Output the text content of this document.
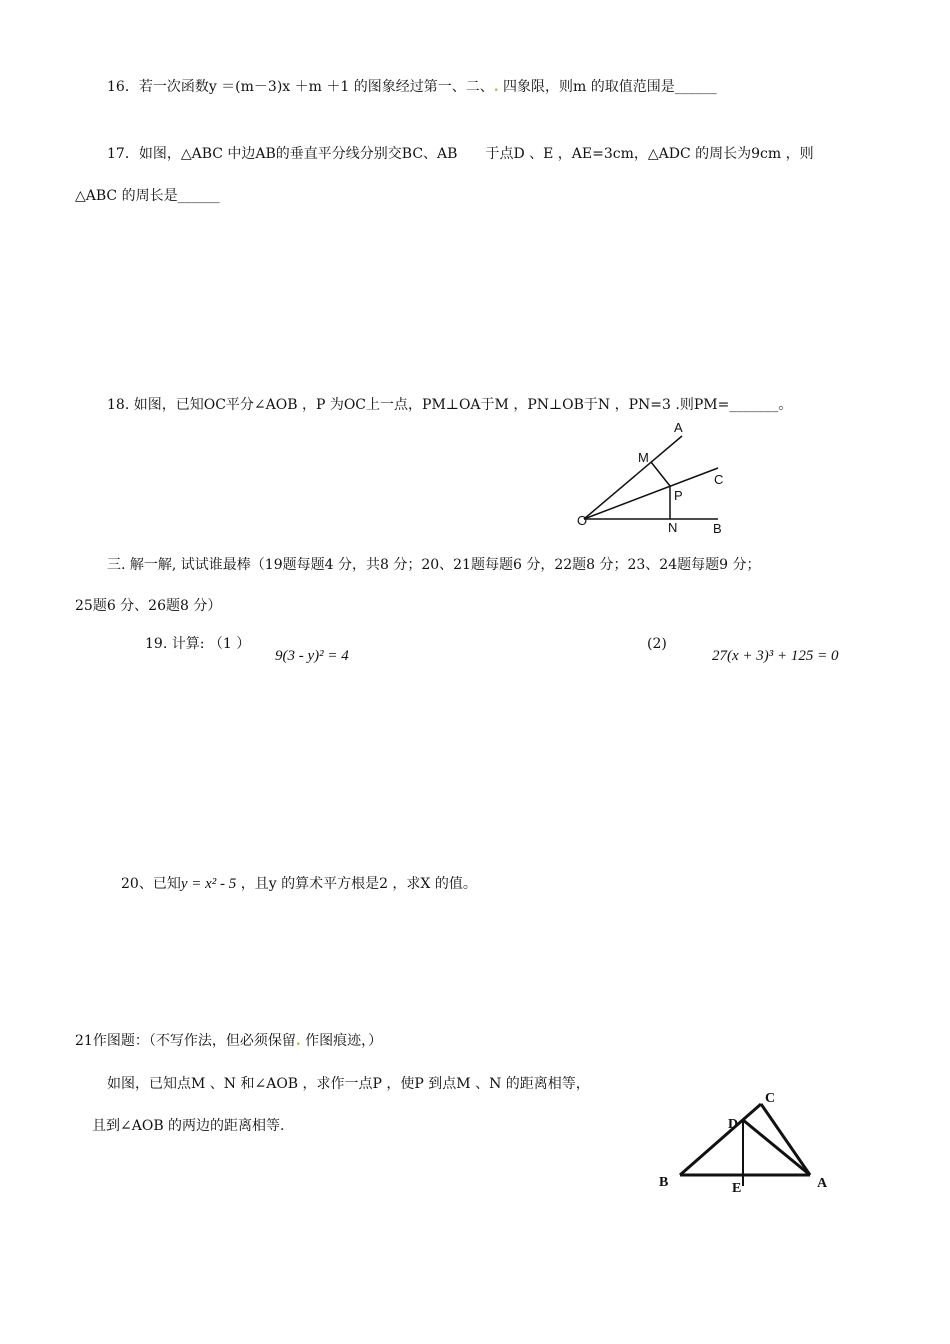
16．若一次函数y ＝(m－3)x ＋m ＋1 的图象经过第一、二、. 四象限，则m 的取值范围是______
17．如图，△ABC 中边AB的垂直平分线分别交BC、AB　　于点D 、E ，AE=3cm，△ADC 的周长为9cm ，则
△ABC 的周长是______
18. 如图，已知OC平分∠AOB ，P 为OC上一点，PM⊥OA于M ，PN⊥OB于N ，PN=3 .则PM=_______。
A
M
C
P
O	N	B
三. 解一解, 试试谁最棒（19题每题4 分，共8 分；20、21题每题6 分，22题8 分；23、24题每题9 分；
25题6 分、26题8 分）
19. 计算: （1 ）
9(3 - y)² = 4
(2)
27(x + 3)³ + 125 = 0
20、已知y = x² - 5 ，且y 的算术平方根是2 ，求X 的值。
21作图题：（不写作法，但必须保留. 作图痕迹，）
如图，已知点M 、N 和∠AOB ，求作一点P ，使P 到点M 、N 的距离相等，
且到∠AOB 的两边的距离相等.
C
D
B	E	A
